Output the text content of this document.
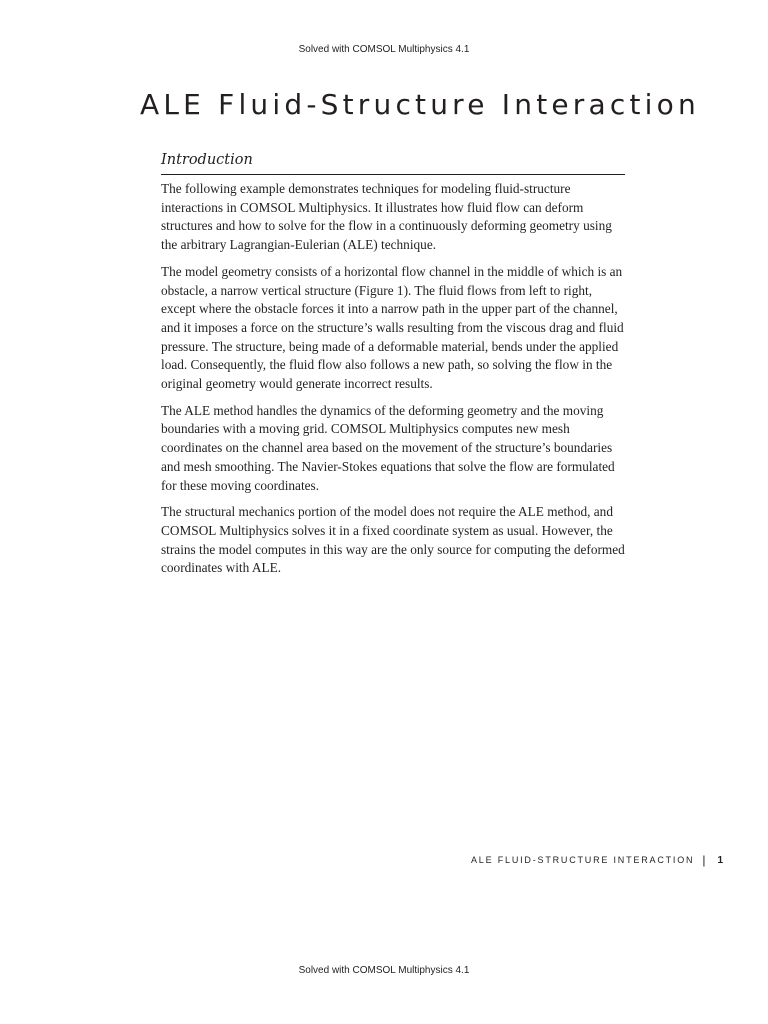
Solved with COMSOL Multiphysics 4.1
ALE Fluid-Structure Interaction
Introduction

The following example demonstrates techniques for modeling fluid-structure interactions in COMSOL Multiphysics. It illustrates how fluid flow can deform structures and how to solve for the flow in a continuously deforming geometry using the arbitrary Lagrangian-Eulerian (ALE) technique.

The model geometry consists of a horizontal flow channel in the middle of which is an obstacle, a narrow vertical structure (Figure 1). The fluid flows from left to right, except where the obstacle forces it into a narrow path in the upper part of the channel, and it imposes a force on the structure’s walls resulting from the viscous drag and fluid pressure. The structure, being made of a deformable material, bends under the applied load. Consequently, the fluid flow also follows a new path, so solving the flow in the original geometry would generate incorrect results.

The ALE method handles the dynamics of the deforming geometry and the moving boundaries with a moving grid. COMSOL Multiphysics computes new mesh coordinates on the channel area based on the movement of the structure’s boundaries and mesh smoothing. The Navier-Stokes equations that solve the flow are formulated for these moving coordinates.

The structural mechanics portion of the model does not require the ALE method, and COMSOL Multiphysics solves it in a fixed coordinate system as usual. However, the strains the model computes in this way are the only source for computing the deformed coordinates with ALE.

ALE FLUID-STRUCTURE INTERACTION | 1
Solved with COMSOL Multiphysics 4.1
